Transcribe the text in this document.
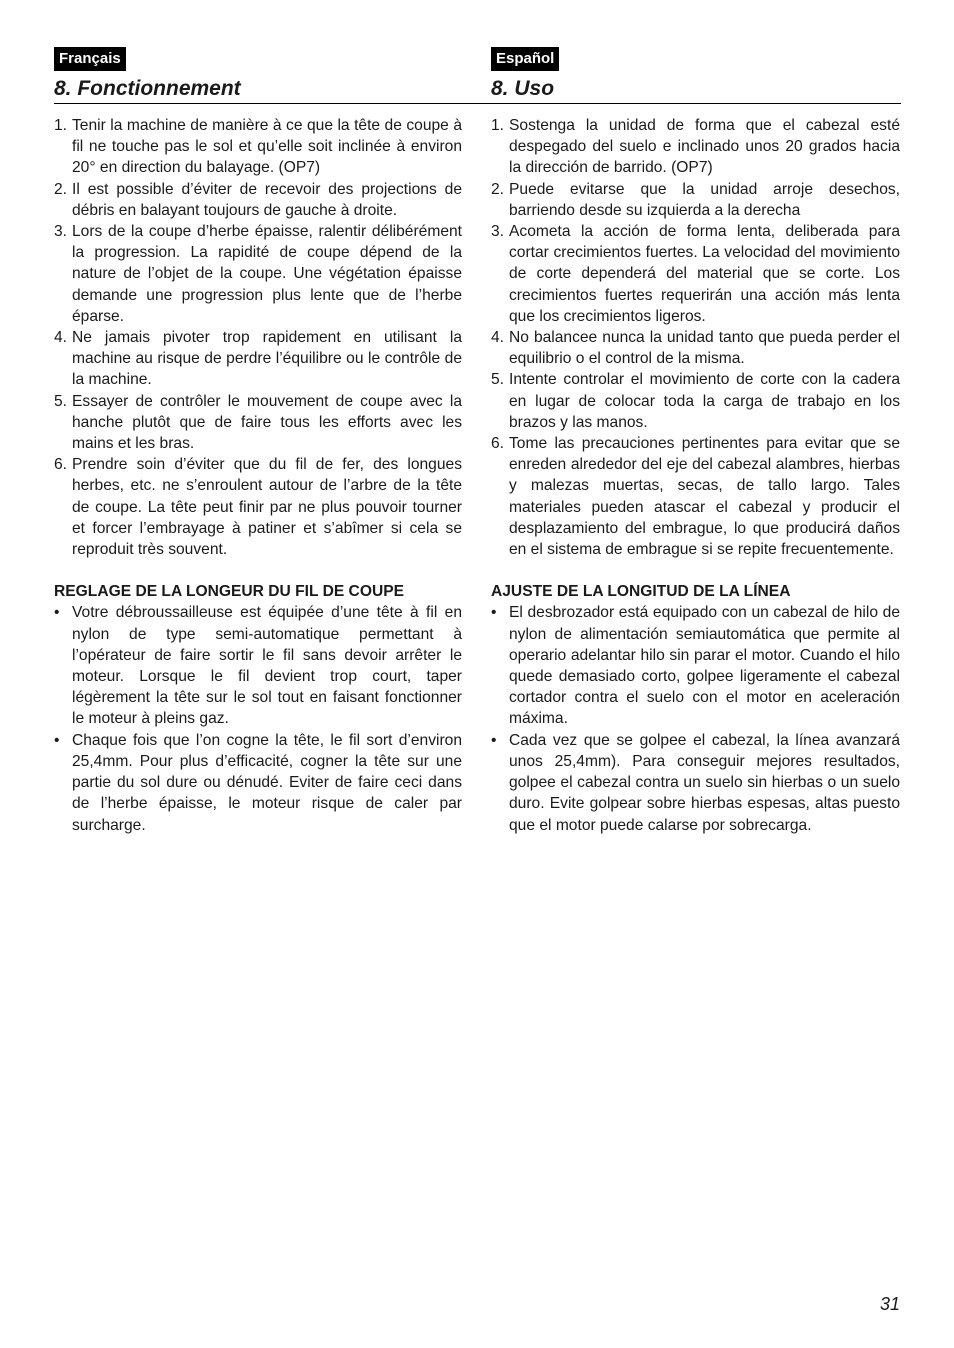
Français
8. Fonctionnement
1. Tenir la machine de manière à ce que la tête de coupe à fil ne touche pas le sol et qu’elle soit inclinée à environ 20° en direction du balayage. (OP7)
2. Il est possible d’éviter de recevoir des projections de débris en balayant toujours de gauche à droite.
3. Lors de la coupe d’herbe épaisse, ralentir délibérément la progression. La rapidité de coupe dépend de la nature de l’objet de la coupe. Une végétation épaisse demande une progression plus lente que de l’herbe éparse.
4. Ne jamais pivoter trop rapidement en utilisant la machine au risque de perdre l’équilibre ou le contrôle de la machine.
5. Essayer de contrôler le mouvement de coupe avec la hanche plutôt que de faire tous les efforts avec les mains et les bras.
6. Prendre soin d’éviter que du fil de fer, des longues herbes, etc. ne s’enroulent autour de l’arbre de la tête de coupe. La tête peut finir par ne plus pouvoir tourner et forcer l’embrayage à patiner et s’abîmer si cela se reproduit très souvent.
REGLAGE DE LA LONGEUR DU FIL DE COUPE
• Votre débroussailleuse est équipée d’une tête à fil en nylon de type semi-automatique permettant à l’opérateur de faire sortir le fil sans devoir arrêter le moteur. Lorsque le fil devient trop court, taper légèrement la tête sur le sol tout en faisant fonctionner le moteur à pleins gaz.
• Chaque fois que l’on cogne la tête, le fil sort d’environ 25,4mm. Pour plus d’efficacité, cogner la tête sur une partie du sol dure ou dénudé. Eviter de faire ceci dans de l’herbe épaisse, le moteur risque de caler par surcharge.
Español
8. Uso
1. Sostenga la unidad de forma que el cabezal esté despegado del suelo e inclinado unos 20 grados hacia la dirección de barrido. (OP7)
2. Puede evitarse que la unidad arroje desechos, barriendo desde su izquierda a la derecha
3. Acometa la acción de forma lenta, deliberada para cortar crecimientos fuertes. La velocidad del movimiento de corte dependerá del material que se corte. Los crecimientos fuertes requerirán una acción más lenta que los crecimientos ligeros.
4. No balancee nunca la unidad tanto que pueda perder el equilibrio o el control de la misma.
5. Intente controlar el movimiento de corte con la cadera en lugar de colocar toda la carga de trabajo en los brazos y las manos.
6. Tome las precauciones pertinentes para evitar que se enreden alrededor del eje del cabezal alambres, hierbas y malezas muertas, secas, de tallo largo. Tales materiales pueden atascar el cabezal y producir el desplazamiento del embrague, lo que producirá daños en el sistema de embrague si se repite frecuentemente.
AJUSTE DE LA LONGITUD DE LA LÍNEA
• El desbrozador está equipado con un cabezal de hilo de nylon de alimentación semiautomática que permite al operario adelantar hilo sin parar el motor. Cuando el hilo quede demasiado corto, golpee ligeramente el cabezal cortador contra el suelo con el motor en aceleración máxima.
• Cada vez que se golpee el cabezal, la línea avanzará unos 25,4mm). Para conseguir mejores resultados, golpee el cabezal contra un suelo sin hierbas o un suelo duro. Evite golpear sobre hierbas espesas, altas puesto que el motor puede calarse por sobrecarga.
31
